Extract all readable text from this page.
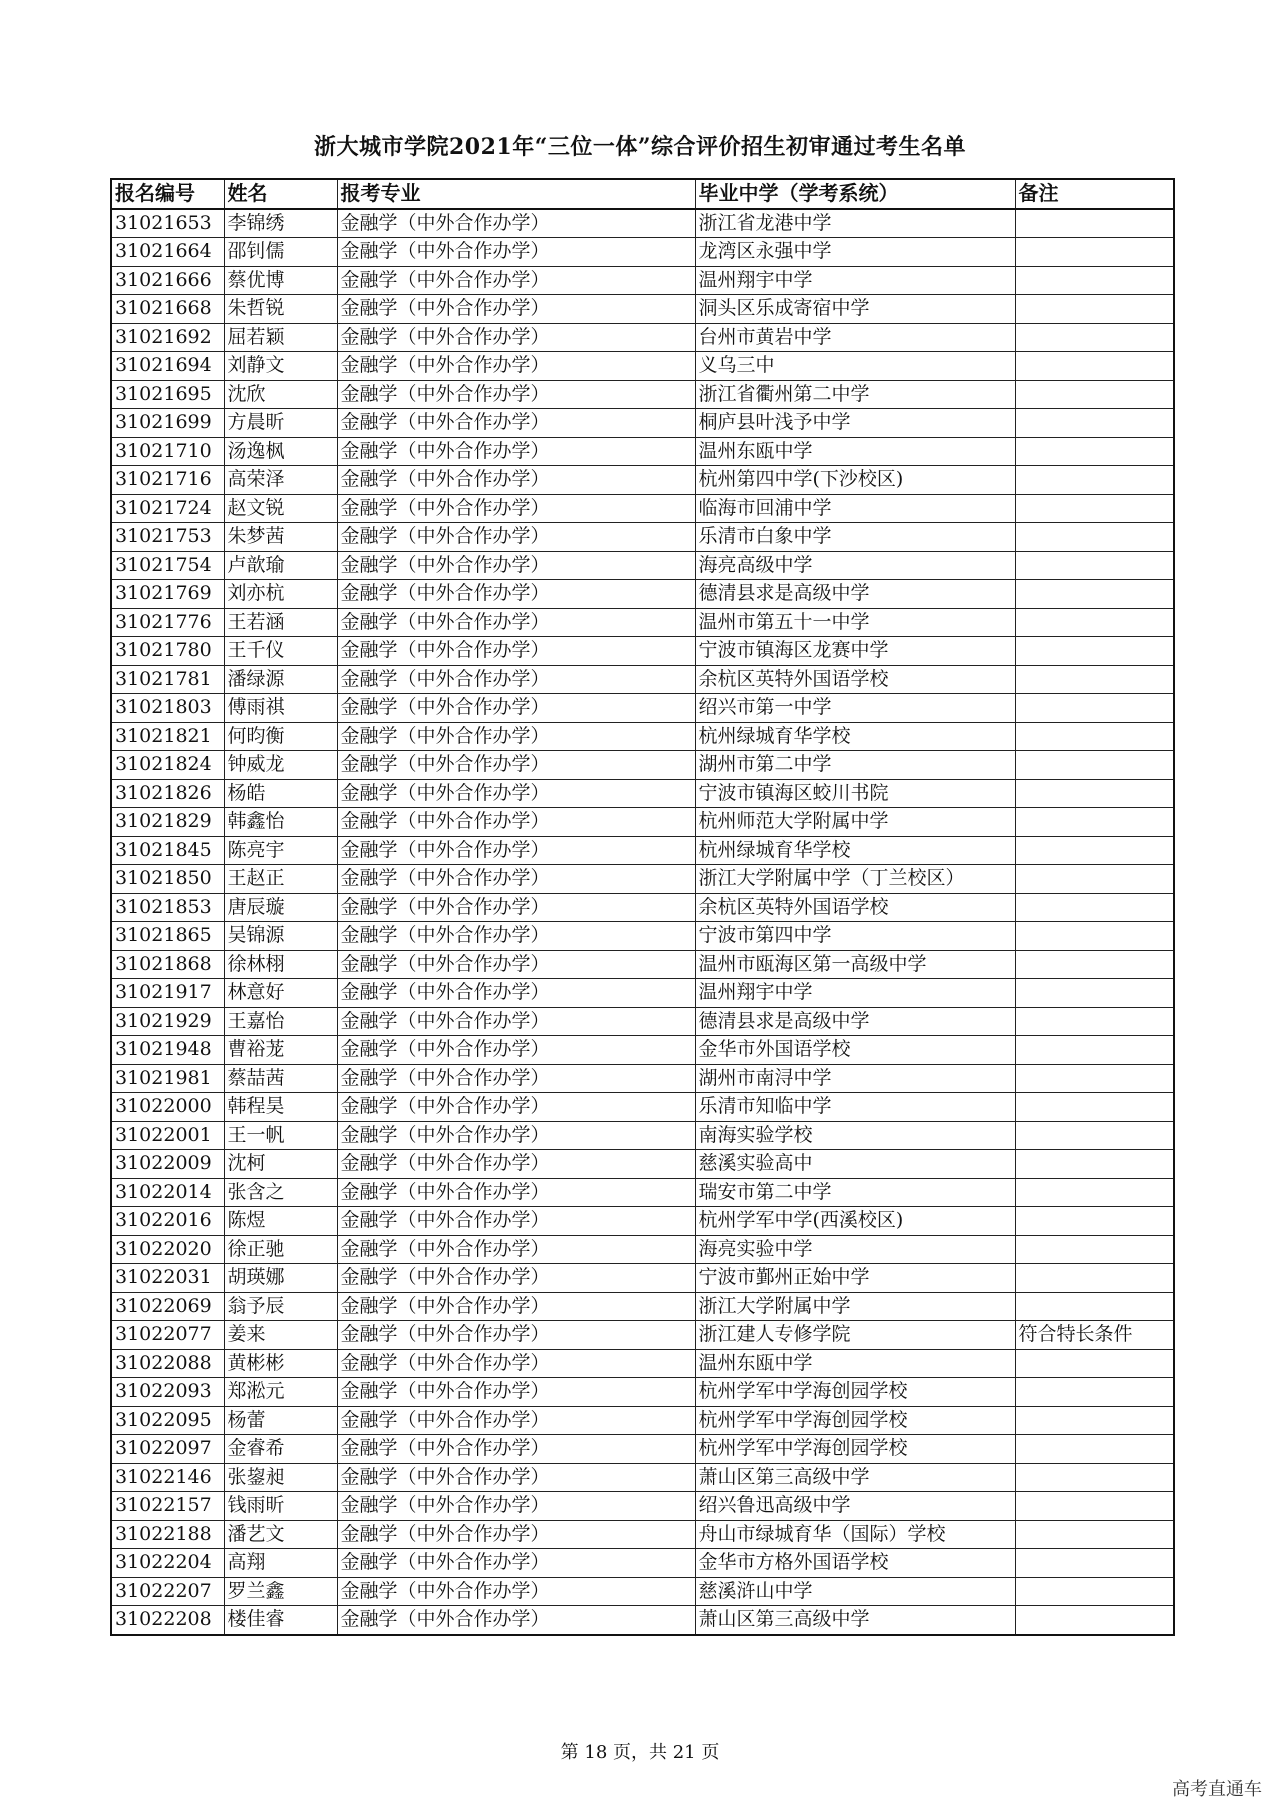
浙大城市学院2021年“三位一体”综合评价招生初审通过考生名单
报名编号	姓名	报考专业	毕业中学（学考系统）	备注
31021653	李锦绣	金融学（中外合作办学）	浙江省龙港中学	
31021664	邵钊儒	金融学（中外合作办学）	龙湾区永强中学	
31021666	蔡优博	金融学（中外合作办学）	温州翔宇中学	
31021668	朱哲锐	金融学（中外合作办学）	洞头区乐成寄宿中学	
31021692	屈若颖	金融学（中外合作办学）	台州市黄岩中学	
31021694	刘静文	金融学（中外合作办学）	义乌三中	
31021695	沈欣	金融学（中外合作办学）	浙江省衢州第二中学	
31021699	方晨昕	金融学（中外合作办学）	桐庐县叶浅予中学	
31021710	汤逸枫	金融学（中外合作办学）	温州东瓯中学	
31021716	高荣泽	金融学（中外合作办学）	杭州第四中学(下沙校区)	
31021724	赵文锐	金融学（中外合作办学）	临海市回浦中学	
31021753	朱梦茜	金融学（中外合作办学）	乐清市白象中学	
31021754	卢歆瑜	金融学（中外合作办学）	海亮高级中学	
31021769	刘亦杭	金融学（中外合作办学）	德清县求是高级中学	
31021776	王若涵	金融学（中外合作办学）	温州市第五十一中学	
31021780	王千仪	金融学（中外合作办学）	宁波市镇海区龙赛中学	
31021781	潘绿源	金融学（中外合作办学）	余杭区英特外国语学校	
31021803	傅雨祺	金融学（中外合作办学）	绍兴市第一中学	
31021821	何昀衡	金融学（中外合作办学）	杭州绿城育华学校	
31021824	钟威龙	金融学（中外合作办学）	湖州市第二中学	
31021826	杨皓	金融学（中外合作办学）	宁波市镇海区蛟川书院	
31021829	韩鑫怡	金融学（中外合作办学）	杭州师范大学附属中学	
31021845	陈亮宇	金融学（中外合作办学）	杭州绿城育华学校	
31021850	王赵正	金融学（中外合作办学）	浙江大学附属中学（丁兰校区）	
31021853	唐辰璇	金融学（中外合作办学）	余杭区英特外国语学校	
31021865	吴锦源	金融学（中外合作办学）	宁波市第四中学	
31021868	徐林栩	金融学（中外合作办学）	温州市瓯海区第一高级中学	
31021917	林意好	金融学（中外合作办学）	温州翔宇中学	
31021929	王嘉怡	金融学（中外合作办学）	德清县求是高级中学	
31021948	曹裕茏	金融学（中外合作办学）	金华市外国语学校	
31021981	蔡喆茜	金融学（中外合作办学）	湖州市南浔中学	
31022000	韩程昊	金融学（中外合作办学）	乐清市知临中学	
31022001	王一帆	金融学（中外合作办学）	南海实验学校	
31022009	沈柯	金融学（中外合作办学）	慈溪实验高中	
31022014	张含之	金融学（中外合作办学）	瑞安市第二中学	
31022016	陈煜	金融学（中外合作办学）	杭州学军中学(西溪校区)	
31022020	徐正驰	金融学（中外合作办学）	海亮实验中学	
31022031	胡瑛娜	金融学（中外合作办学）	宁波市鄞州正始中学	
31022069	翁予辰	金融学（中外合作办学）	浙江大学附属中学	
31022077	姜来	金融学（中外合作办学）	浙江建人专修学院	符合特长条件
31022088	黄彬彬	金融学（中外合作办学）	温州东瓯中学	
31022093	郑淞元	金融学（中外合作办学）	杭州学军中学海创园学校	
31022095	杨蕾	金融学（中外合作办学）	杭州学军中学海创园学校	
31022097	金睿希	金融学（中外合作办学）	杭州学军中学海创园学校	
31022146	张鋆昶	金融学（中外合作办学）	萧山区第三高级中学	
31022157	钱雨昕	金融学（中外合作办学）	绍兴鲁迅高级中学	
31022188	潘艺文	金融学（中外合作办学）	舟山市绿城育华（国际）学校	
31022204	高翔	金融学（中外合作办学）	金华市方格外国语学校	
31022207	罗兰鑫	金融学（中外合作办学）	慈溪浒山中学	
31022208	楼佳睿	金融学（中外合作办学）	萧山区第三高级中学	
第 18 页，共 21 页
高考直通车
